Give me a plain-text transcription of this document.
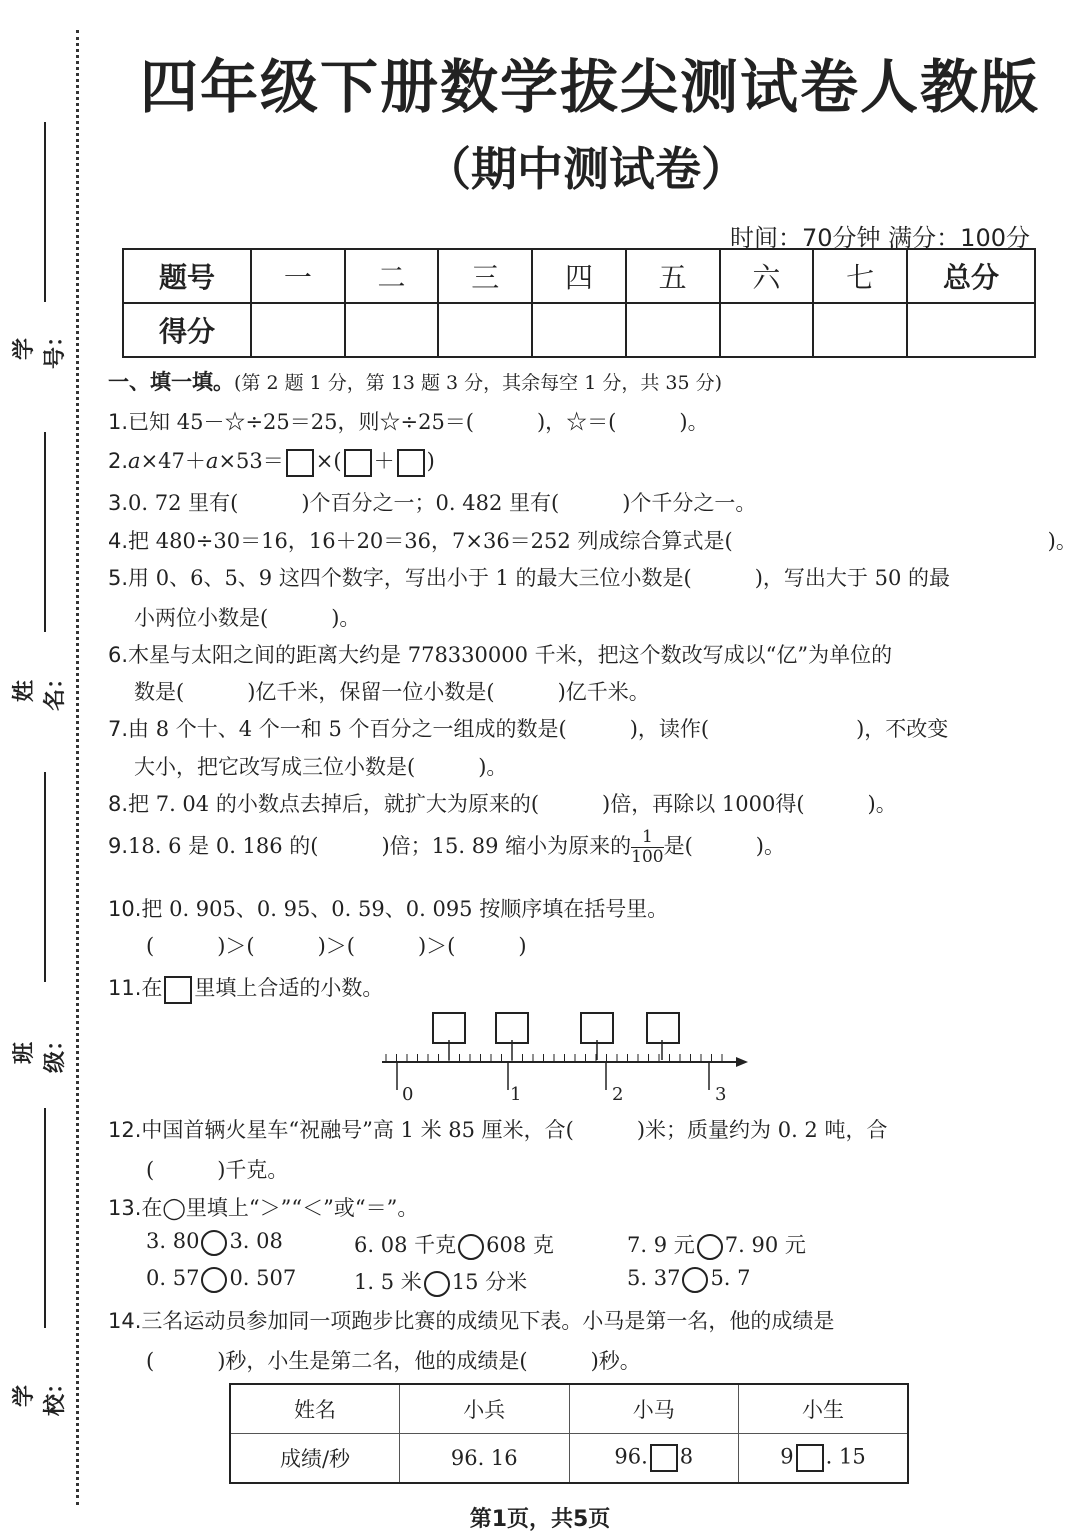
学号：
姓名：
班级：
学校：
四年级下册数学拔尖测试卷人教版
（期中测试卷）
时间：70分钟 满分：100分
题号	一	二	三	四	五	六	七	总分
得分								
一、填一填。(第 2 题 1 分，第 13 题 3 分，其余每空 1 分，共 35 分)
1.已知 45－☆÷25＝25，则☆÷25＝(　　　)，☆＝(　　　)。
2.a×47＋a×53＝ ×( ＋ )
3.0. 72 里有(　　　)个百分之一；0. 482 里有(　　　)个千分之一。
4.把 480÷30＝16，16＋20＝36，7×36＝252 列成综合算式是(　　　　　　　　　　　　　　　)。
5.用 0、6、5、9 这四个数字，写出小于 1 的最大三位小数是(　　　)，写出大于 50 的最
小两位小数是(　　　)。
6.木星与太阳之间的距离大约是 778330000 千米，把这个数改写成以“亿”为单位的
数是(　　　)亿千米，保留一位小数是(　　　)亿千米。
7.由 8 个十、4 个一和 5 个百分之一组成的数是(　　　)，读作(　　　　　　　)，不改变
大小，把它改写成三位小数是(　　　)。
8.把 7. 04 的小数点去掉后，就扩大为原来的(　　　)倍，再除以 1000得(　　　)。
9.18. 6 是 0. 186 的(　　　)倍；15. 89 缩小为原来的 $\frac{1}{100}$ 是(　　　)。
10.把 0. 905、0. 95、0. 59、0. 095 按顺序填在括号里。
(　　　)＞(　　　)＞(　　　)＞(　　　)
11.在 里填上合适的小数。
0	1	2	3
12.中国首辆火星车“祝融号”高 1 米 85 厘米，合(　　　)米；质量约为 0. 2 吨，合
(　　　)千克。
13.在◯里填上“＞”“＜”或“＝”。
3. 80 3. 08	6. 08 千克 608 克	7. 9 元 7. 90 元
0. 57 0. 507	1. 5 米 15 分米	5. 37 5. 7
14.三名运动员参加同一项跑步比赛的成绩见下表。小马是第一名，他的成绩是
(　　　)秒，小生是第二名，他的成绩是(　　　)秒。
姓名	小兵	小马	小生
成绩/秒	96. 16	96. 8	9 . 15
第1页，共5页
